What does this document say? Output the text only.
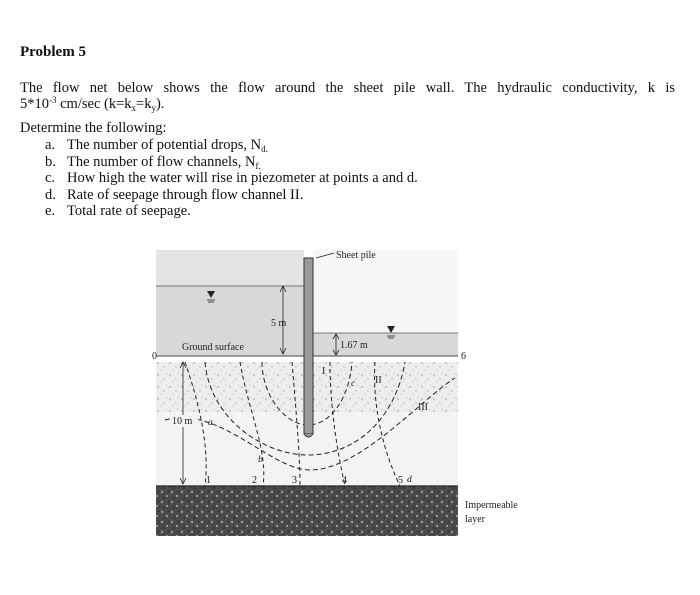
Problem 5
The flow net below shows the flow around the sheet pile wall. The hydraulic conductivity, k is
$5*10^{-3}$ cm/sec $(k=k_x=k_y)$.
Determine the following:
a. The number of potential drops, $N_{d.}$
b. The number of flow channels, $N_{f.}$
c. How high the water will rise in piezometer at points a and d.
d. Rate of seepage through flow channel II.
e. Total rate of seepage.
Sheet pile
5 m
1.67 m
10 m
Ground surface
0	6
1	2	3	4	5
I
II
III
a
b
c
d
Impermeable
layer
